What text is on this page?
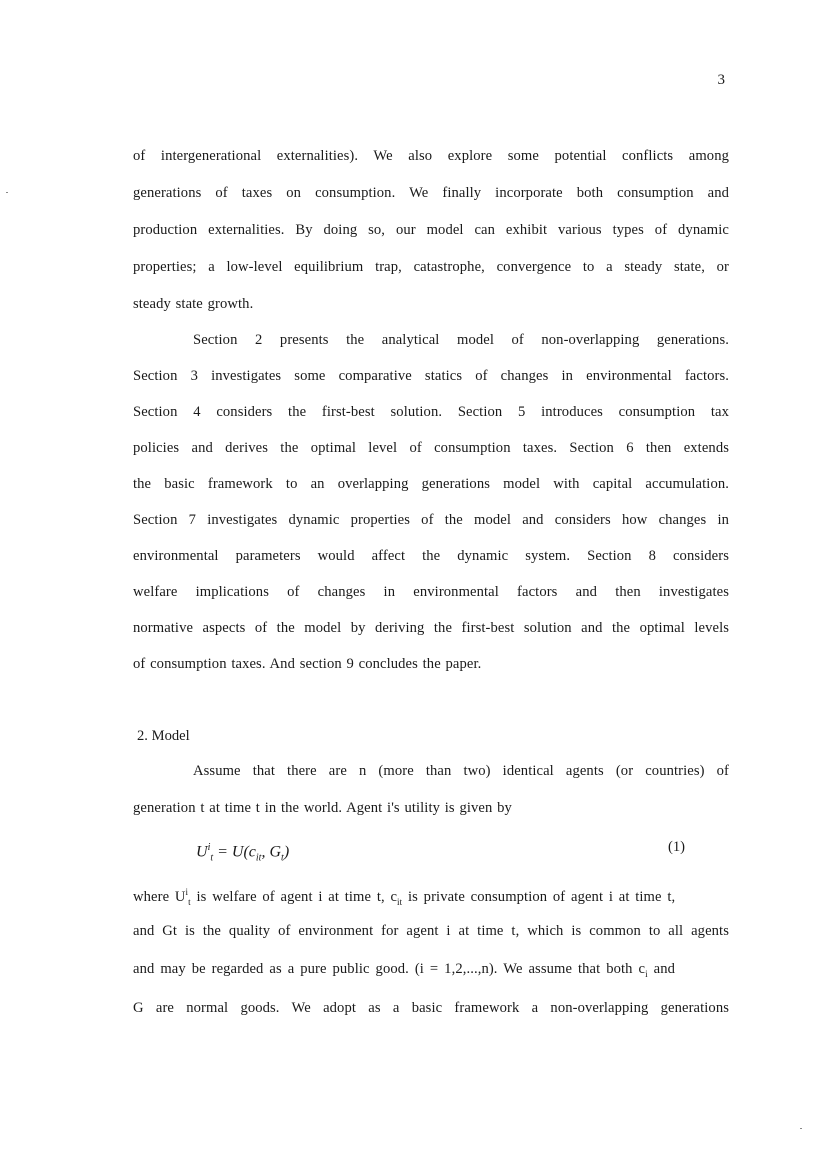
3
of intergenerational externalities). We also explore some potential conflicts among
generations of taxes on consumption. We finally incorporate both consumption and
production externalities. By doing so, our model can exhibit various types of dynamic
properties; a low-level equilibrium trap, catastrophe, convergence to a steady state, or
steady state growth.
Section 2 presents the analytical model of non-overlapping generations.
Section 3 investigates some comparative statics of changes in environmental factors.
Section 4 considers the first-best solution. Section 5 introduces consumption tax
policies and derives the optimal level of consumption taxes. Section 6 then extends
the basic framework to an overlapping generations model with capital accumulation.
Section 7 investigates dynamic properties of the model and considers how changes in
environmental parameters would affect the dynamic system. Section 8 considers
welfare implications of changes in environmental factors and then investigates
normative aspects of the model by deriving the first-best solution and the optimal levels
of consumption taxes. And section 9 concludes the paper.
2. Model
Assume that there are n (more than two) identical agents (or countries) of
generation t at time t in the world. Agent i's utility is given by
$U^i_t = U(c_{it}$, $G_t$)	(1)
where $U^i_t$ is welfare of agent i at time t, $c_{it}$ is private consumption of agent i at time t,
and Gt is the quality of environment for agent i at time t, which is common to all agents
and may be regarded as a pure public good. (i = 1,2,...,n). We assume that both $c_i$ and
G are normal goods. We adopt as a basic framework a non-overlapping generations
